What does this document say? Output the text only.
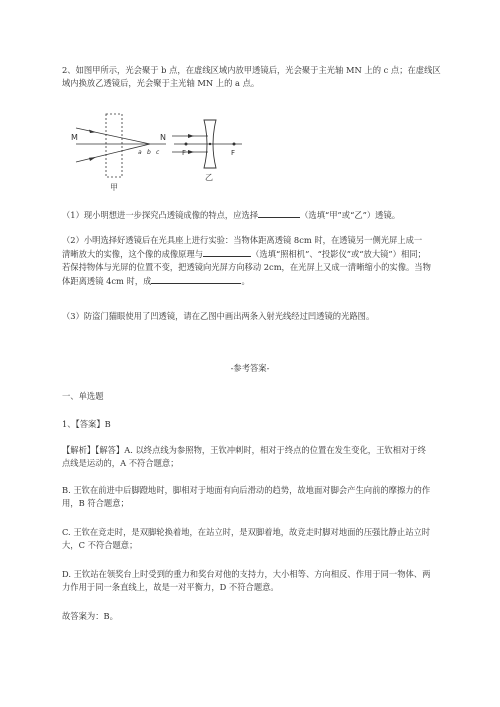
2、如图甲所示，光会聚于 b 点，在虚线区域内放甲透镜后，光会聚于主光轴 MN 上的 c 点；在虚线区
域内换放乙透镜后，光会聚于主光轴 MN 上的 a 点。
M	N
a b c
甲
F	F
乙
（1）现小明想进一步探究凸透镜成像的特点，应选择	（选填“甲”或“乙”）透镜。
（2）小明选择好透镜后在光具座上进行实验：当物体距离透镜 8cm 时，在透镜另一侧光屏上成一
清晰放大的实像，这个像的成像原理与	（选填“照相机”、“投影仪”或“放大镜”）相同；
若保持物体与光屏的位置不变，把透镜向光屏方向移动 2cm，在光屏上又成一清晰缩小的实像。当物
体距离透镜 4cm 时，成	。
（3）防盗门猫眼使用了凹透镜，请在乙图中画出两条入射光线经过凹透镜的光路图。
-参考答案-
一、单选题
1、【答案】B
【解析】【解答】A. 以终点线为参照物，王钦冲刺时，相对于终点的位置在发生变化，王钦相对于终
点线是运动的，A 不符合题意；
B. 王钦在前进中后脚蹬地时，脚相对于地面有向后滑动的趋势，故地面对脚会产生向前的摩擦力的作
用，B 符合题意；
C. 王钦在竞走时，是双脚轮换着地，在站立时，是双脚着地，故竞走时脚对地面的压强比静止站立时
大，C 不符合题意；
D. 王钦站在领奖台上时受到的重力和奖台对他的支持力，大小相等、方向相反、作用于同一物体、两
力作用于同一条直线上，故是一对平衡力，D 不符合题意。
故答案为：B。
